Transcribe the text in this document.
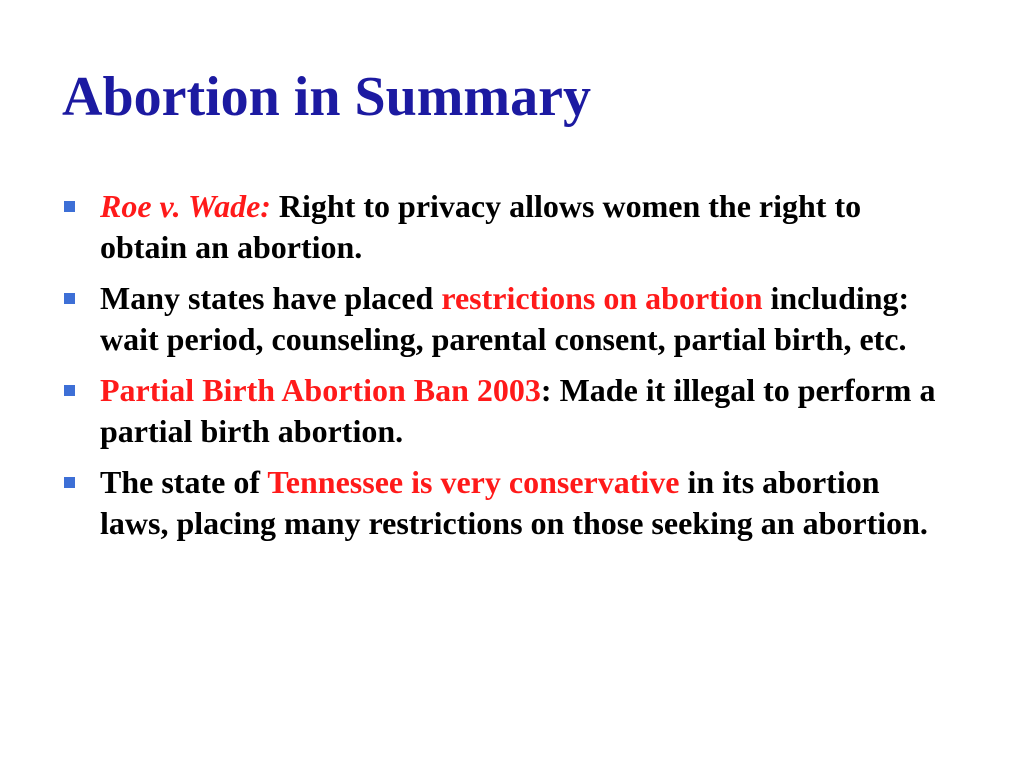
Abortion in Summary
Roe v. Wade: Right to privacy allows women the right to obtain an abortion.
Many states have placed restrictions on abortion including: wait period, counseling, parental consent, partial birth, etc.
Partial Birth Abortion Ban 2003: Made it illegal to perform a partial birth abortion.
The state of Tennessee is very conservative in its abortion laws, placing many restrictions on those seeking an abortion.
